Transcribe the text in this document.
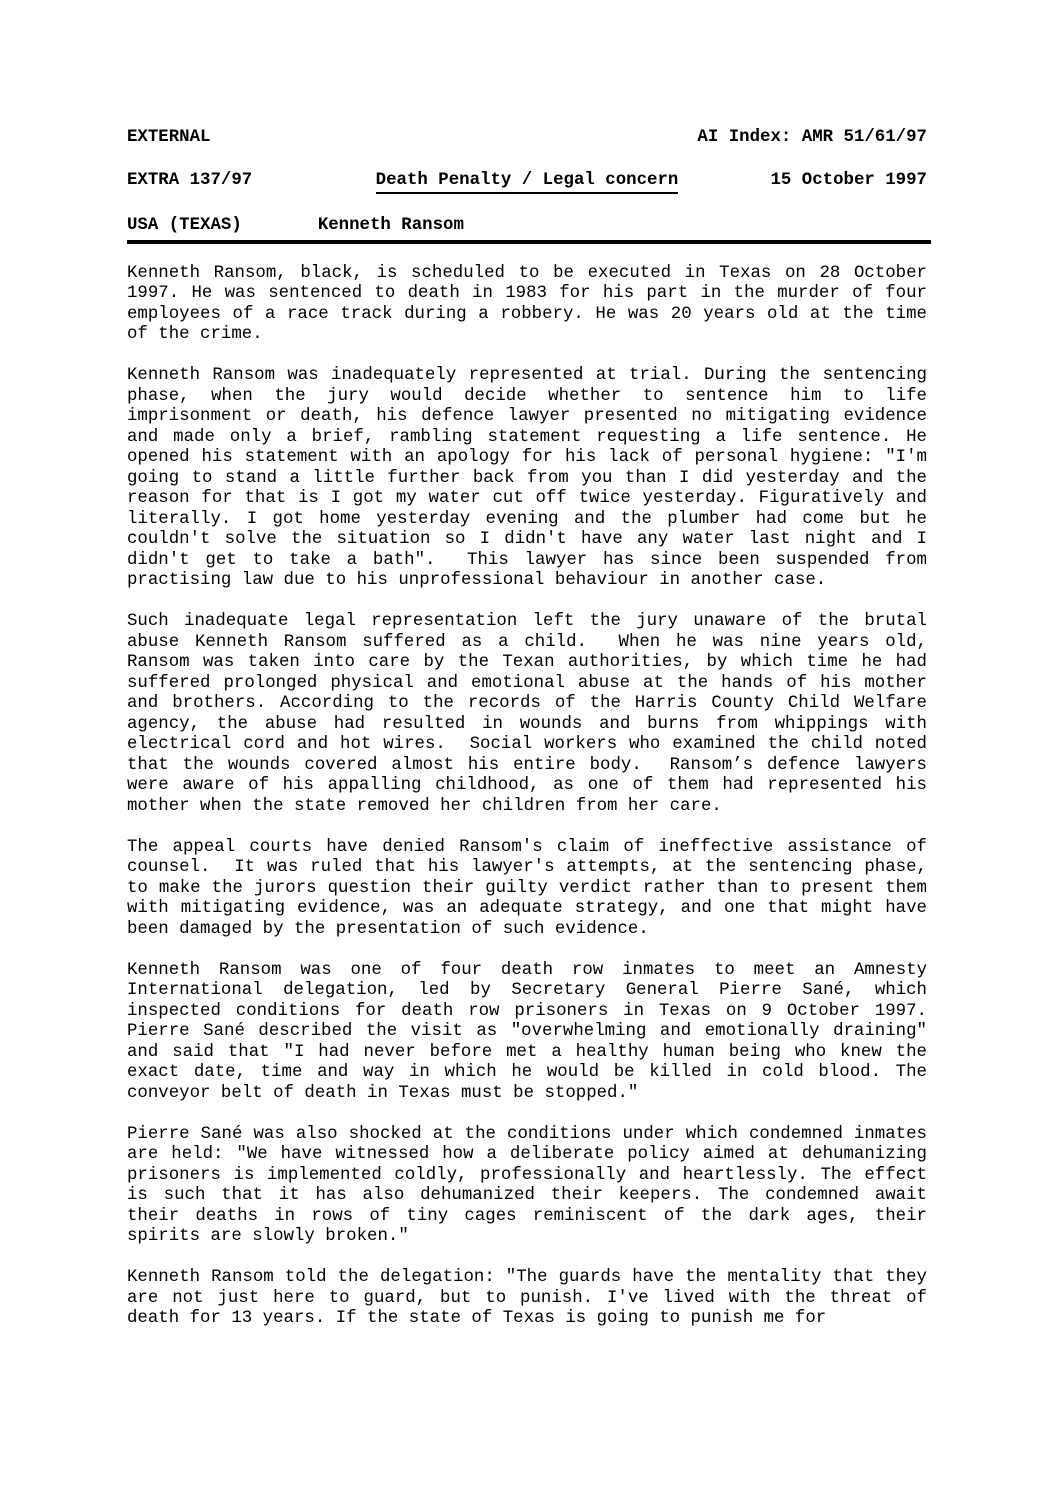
EXTERNAL	AI Index: AMR 51/61/97
EXTRA 137/97	Death Penalty / Legal concern	15 October 1997
USA (TEXAS)	Kenneth Ransom

Kenneth Ransom, black, is scheduled to be executed in Texas on 28 October 1997. He was sentenced to death in 1983 for his part in the murder of four employees of a race track during a robbery. He was 20 years old at the time of the crime.

Kenneth Ransom was inadequately represented at trial. During the sentencing phase, when the jury would decide whether to sentence him to life imprisonment or death, his defence lawyer presented no mitigating evidence and made only a brief, rambling statement requesting a life sentence. He opened his statement with an apology for his lack of personal hygiene: "I'm going to stand a little further back from you than I did yesterday and the reason for that is I got my water cut off twice yesterday. Figuratively and literally. I got home yesterday evening and the plumber had come but he couldn't solve the situation so I didn't have any water last night and I didn't get to take a bath".  This lawyer has since been suspended from practising law due to his unprofessional behaviour in another case.

Such inadequate legal representation left the jury unaware of the brutal abuse Kenneth Ransom suffered as a child.  When he was nine years old, Ransom was taken into care by the Texan authorities, by which time he had suffered prolonged physical and emotional abuse at the hands of his mother and brothers. According to the records of the Harris County Child Welfare agency, the abuse had resulted in wounds and burns from whippings with electrical cord and hot wires.  Social workers who examined the child noted that the wounds covered almost his entire body.  Ransom’s defence lawyers were aware of his appalling childhood, as one of them had represented his mother when the state removed her children from her care.

The appeal courts have denied Ransom's claim of ineffective assistance of counsel.  It was ruled that his lawyer's attempts, at the sentencing phase, to make the jurors question their guilty verdict rather than to present them with mitigating evidence, was an adequate strategy, and one that might have been damaged by the presentation of such evidence.

Kenneth Ransom was one of four death row inmates to meet an Amnesty International delegation, led by Secretary General Pierre Sané, which inspected conditions for death row prisoners in Texas on 9 October 1997. Pierre Sané described the visit as "overwhelming and emotionally draining" and said that "I had never before met a healthy human being who knew the exact date, time and way in which he would be killed in cold blood. The conveyor belt of death in Texas must be stopped."

Pierre Sané was also shocked at the conditions under which condemned inmates are held: "We have witnessed how a deliberate policy aimed at dehumanizing prisoners is implemented coldly, professionally and heartlessly. The effect is such that it has also dehumanized their keepers. The condemned await their deaths in rows of tiny cages reminiscent of the dark ages, their spirits are slowly broken."

Kenneth Ransom told the delegation: "The guards have the mentality that they are not just here to guard, but to punish. I've lived with the threat of death for 13 years. If the state of Texas is going to punish me for
